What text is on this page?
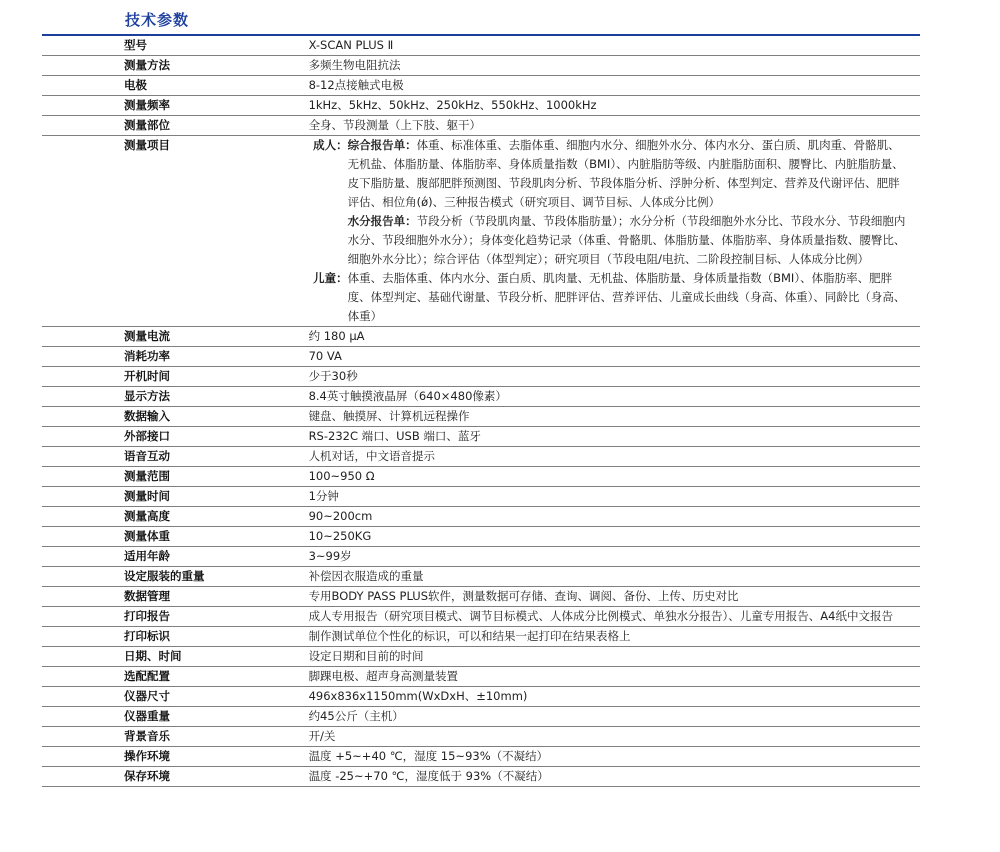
技术参数
型号	X-SCAN PLUS Ⅱ	
测量方法	多频生物电阻抗法	
电极	8-12点接触式电极	
测量频率	1kHz、5kHz、50kHz、250kHz、550kHz、1000kHz	
测量部位	全身、节段测量（上下肢、躯干）	
测量项目	成人：	综合报告单：体重、标准体重、去脂体重、细胞内水分、细胞外水分、体内水分、蛋白质、肌肉重、骨骼肌、无机盐、体脂肪量、体脂肪率、身体质量指数（BMI）、内脏脂肪等级、内脏脂肪面积、腰臀比、内脏脂肪量、皮下脂肪量、腹部肥胖预测图、节段肌肉分析、节段体脂分析、浮肿分析、体型判定、营养及代谢评估、肥胖评估、相位角(ǿ)、三种报告模式（研究项目、调节目标、人体成分比例）
水分报告单：节段分析（节段肌肉量、节段体脂肪量）；水分分析（节段细胞外水分比、节段水分、节段细胞内水分、节段细胞外水分）；身体变化趋势记录（体重、骨骼肌、体脂肪量、体脂肪率、身体质量指数、腰臀比、细胞外水分比）；综合评估（体型判定）；研究项目（节段电阻/电抗、二阶段控制目标、人体成分比例）
	儿童：	体重、去脂体重、体内水分、蛋白质、肌肉量、无机盐、体脂肪量、身体质量指数（BMI）、体脂肪率、肥胖度、体型判定、基础代谢量、节段分析、肥胖评估、营养评估、儿童成长曲线（身高、体重）、同龄比（身高、体重）
测量电流	约 180 μA	
消耗功率	70 VA	
开机时间	少于30秒	
显示方法	8.4英寸触摸液晶屏（640×480像素）	
数据输入	键盘、触摸屏、计算机远程操作	
外部接口	RS-232C 端口、USB 端口、蓝牙	
语音互动	人机对话，中文语音提示	
测量范围	100~950 Ω	
测量时间	1分钟	
测量高度	90~200cm	
测量体重	10~250KG	
适用年龄	3~99岁	
设定服装的重量	补偿因衣服造成的重量	
数据管理	专用BODY PASS PLUS软件，测量数据可存储、查询、调阅、备份、上传、历史对比	
打印报告	成人专用报告（研究项目模式、调节目标模式、人体成分比例模式、单独水分报告）、儿童专用报告、A4纸中文报告	
打印标识	制作测试单位个性化的标识，可以和结果一起打印在结果表格上	
日期、时间	设定日期和目前的时间	
选配配置	脚踝电极、超声身高测量装置	
仪器尺寸	496x836x1150mm(WxDxH、±10mm)	
仪器重量	约45公斤（主机）	
背景音乐	开/关	
操作环境	温度 +5~+40 ℃，湿度 15~93%（不凝结）	
保存环境	温度 -25~+70 ℃，湿度低于 93%（不凝结）	
